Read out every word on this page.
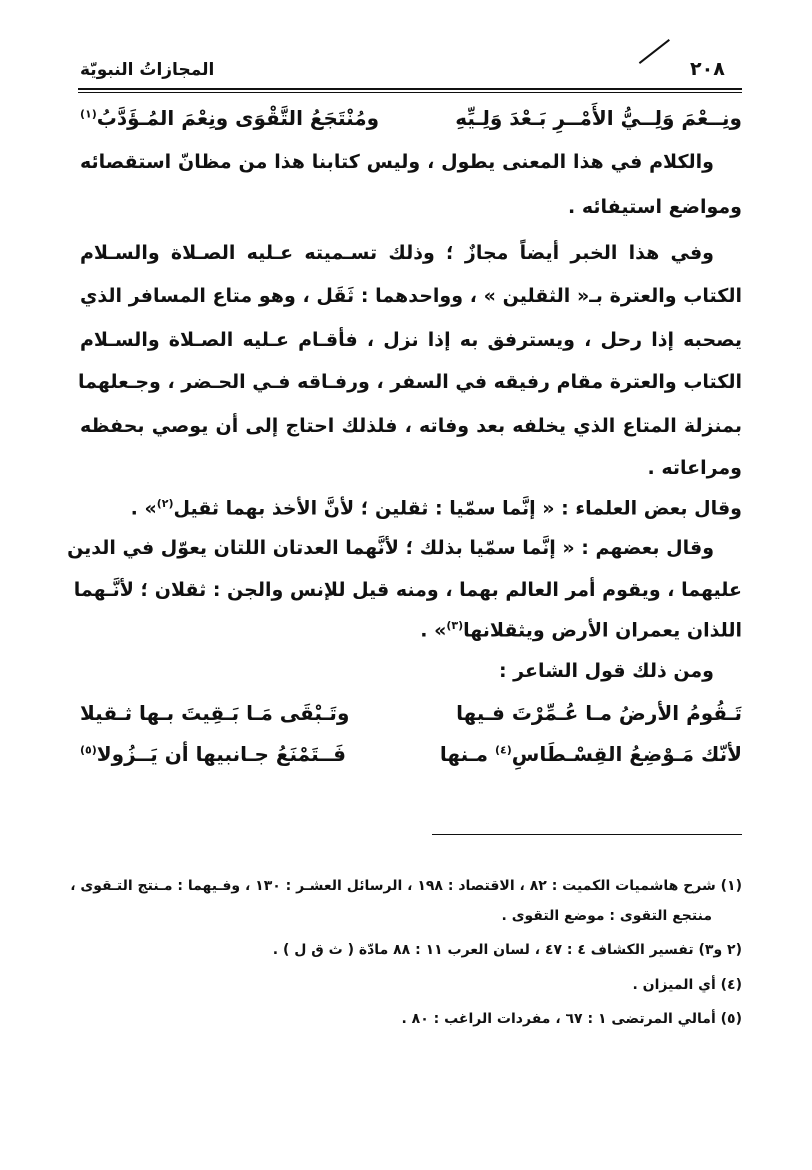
المجازاتُ النبويّة	٢٠٨
ونِــعْمَ وَلِــيُّ الأَمْــرِ بَـعْدَ وَلِـيِّهِ
ومُنْتَجَعُ التَّقْوَى ونِعْمَ المُـؤَدَّبُ$^{(١)}$
والكلام في هذا المعنى يطول ، وليس كتابنا هذا من مظانّ استقصائه
ومواضع استيفائه .
وفي هذا الخبر أيضاً مجازٌ ؛ وذلك تسـميته عـليه الصـلاة والسـلام
الكتاب والعترة بـ« الثقلين » ، وواحدهما : ثَقَل ، وهو متاع المسافر الذي
يصحبه إذا رحل ، ويسترفق به إذا نزل ، فأقـام عـليه الصـلاة والسـلام
الكتاب والعترة مقام رفيقه في السفر ، ورفـاقه فـي الحـضر ، وجـعلهما
بمنزلة المتاع الذي يخلفه بعد وفاته ، فلذلك احتاج إلى أن يوصي بحفظه
ومراعاته .
وقال بعض العلماء : « إنَّما سمّيا : ثقلين ؛ لأنَّ الأخذ بهما ثقيل$^{(٢)}$» .
وقال بعضهم : « إنَّما سمّيا بذلك ؛ لأنَّهما العدتان اللتان يعوّل في الدين
عليهما ، ويقوم أمر العالم بهما ، ومنه قيل للإنس والجن : ثقلان ؛ لأنَّـهما
اللذان يعمران الأرض ويثقلانها$^{(٣)}$» .
ومن ذلك قول الشاعر :
تَـقُومُ الأرضُ مـا عُـمِّرْتَ فـيها
وتَـبْقَى مَـا بَـقِيتَ بـها ثـقيلا
لأنّك مَـوْضِعُ القِسْـطَاسِ$^{(٤)}$ مـنها
فَــتَمْنَعُ جـانبيها أن يَــزُولا$^{(٥)}$
(١) شرح هاشميات الكميت : ٨٢ ، الاقتصاد : ١٩٨ ، الرسائل العشـر : ١٣٠ ، وفـيهما : مـنتج التـقوى ،
منتجع التقوى : موضع التقوى .
(٢ و٣) تفسير الكشاف ٤ : ٤٧ ، لسان العرب ١١ : ٨٨ مادّة ( ث ق ل ) .
(٤) أي الميزان .
(٥) أمالي المرتضى ١ : ٦٧ ، مفردات الراغب : ٨٠ .
